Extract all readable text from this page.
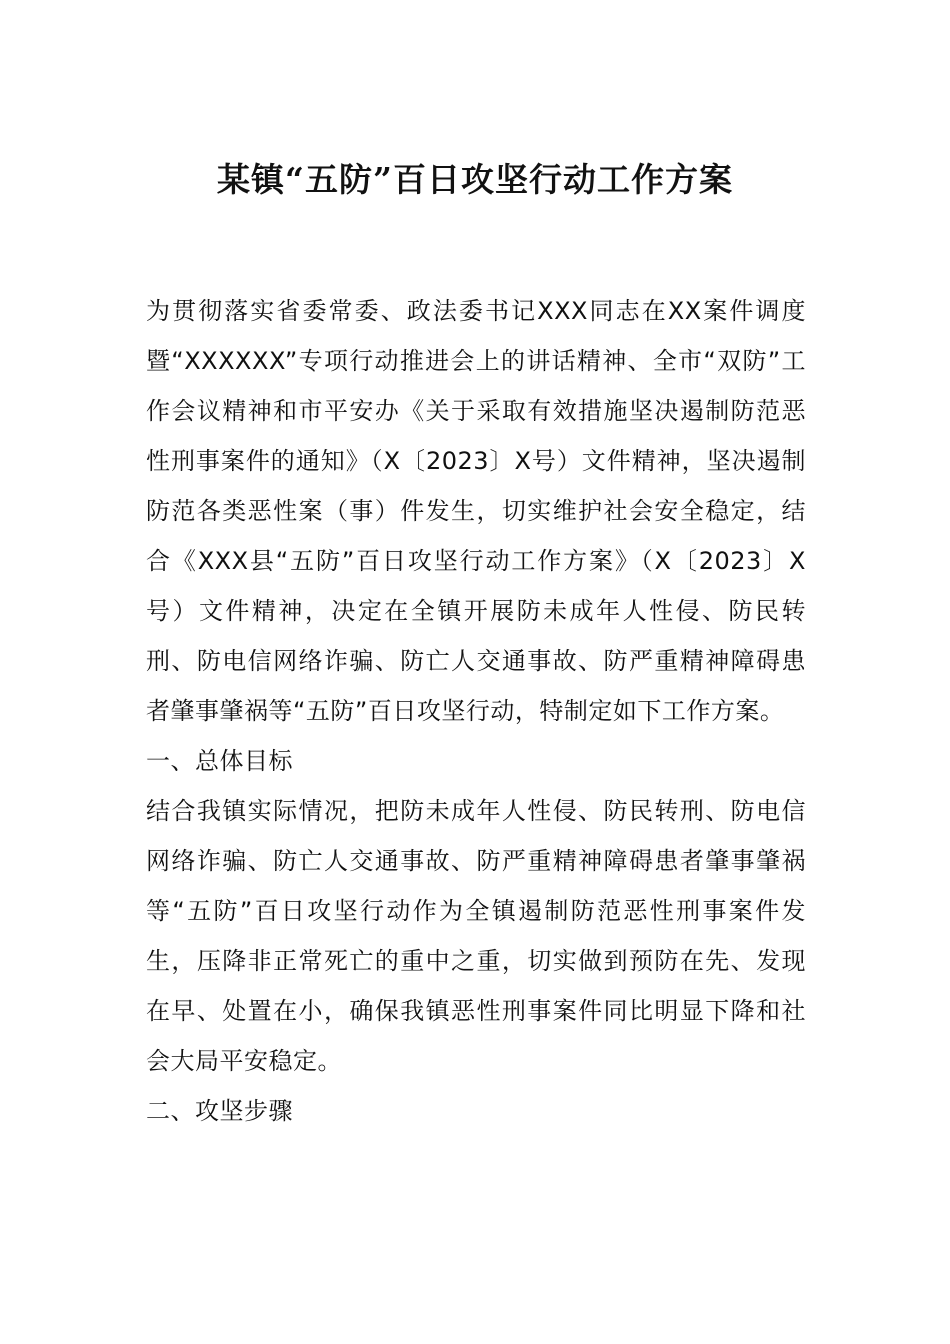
某镇“五防”百日攻坚行动工作方案

为贯彻落实省委常委、政法委书记XXX同志在XX案件调度暨“XXXXXX”专项行动推进会上的讲话精神、全市“双防”工作会议精神和市平安办《关于采取有效措施坚决遏制防范恶性刑事案件的通知》（X〔2023〕X号）文件精神，坚决遏制防范各类恶性案（事）件发生，切实维护社会安全稳定，结合《XXX县“五防”百日攻坚行动工作方案》（X〔2023〕X号）文件精神，决定在全镇开展防未成年人性侵、防民转刑、防电信网络诈骗、防亡人交通事故、防严重精神障碍患者肇事肇祸等“五防”百日攻坚行动，特制定如下工作方案。

一、总体目标

结合我镇实际情况，把防未成年人性侵、防民转刑、防电信网络诈骗、防亡人交通事故、防严重精神障碍患者肇事肇祸等“五防”百日攻坚行动作为全镇遏制防范恶性刑事案件发生，压降非正常死亡的重中之重，切实做到预防在先、发现在早、处置在小，确保我镇恶性刑事案件同比明显下降和社会大局平安稳定。

二、攻坚步骤
